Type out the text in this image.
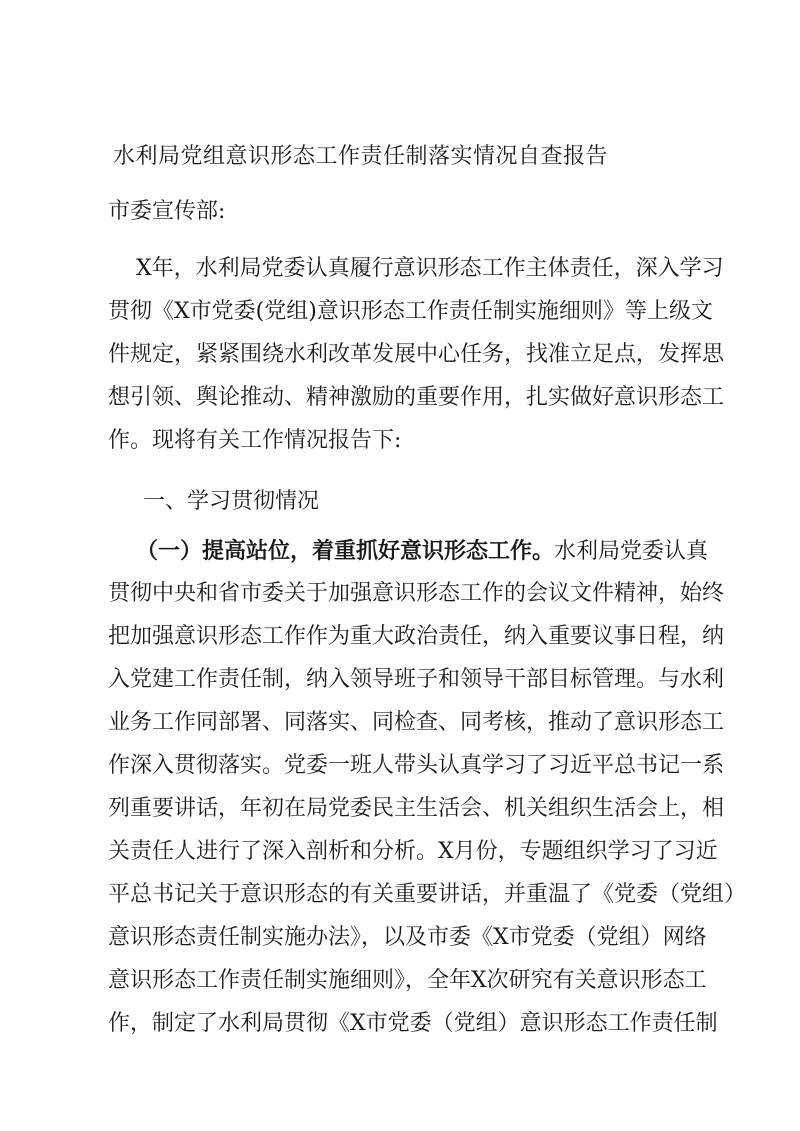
水利局党组意识形态工作责任制落实情况自查报告
市委宣传部:
X年，水利局党委认真履行意识形态工作主体责任，深入学习
贯彻《X市党委(党组)意识形态工作责任制实施细则》等上级文
件规定，紧紧围绕水利改革发展中心任务，找准立足点，发挥思
想引领、舆论推动、精神激励的重要作用，扎实做好意识形态工
作。现将有关工作情况报告下:
一、学习贯彻情况
（一）提高站位，着重抓好意识形态工作。水利局党委认真
贯彻中央和省市委关于加强意识形态工作的会议文件精神，始终
把加强意识形态工作作为重大政治责任，纳入重要议事日程，纳
入党建工作责任制，纳入领导班子和领导干部目标管理。与水利
业务工作同部署、同落实、同检查、同考核，推动了意识形态工
作深入贯彻落实。党委一班人带头认真学习了习近平总书记一系
列重要讲话，年初在局党委民主生活会、机关组织生活会上，相
关责任人进行了深入剖析和分析。X月份，专题组织学习了习近
平总书记关于意识形态的有关重要讲话，并重温了《党委（党组）
意识形态责任制实施办法》，以及市委《X市党委（党组）网络
意识形态工作责任制实施细则》，全年X次研究有关意识形态工
作，制定了水利局贯彻《X市党委（党组）意识形态工作责任制
